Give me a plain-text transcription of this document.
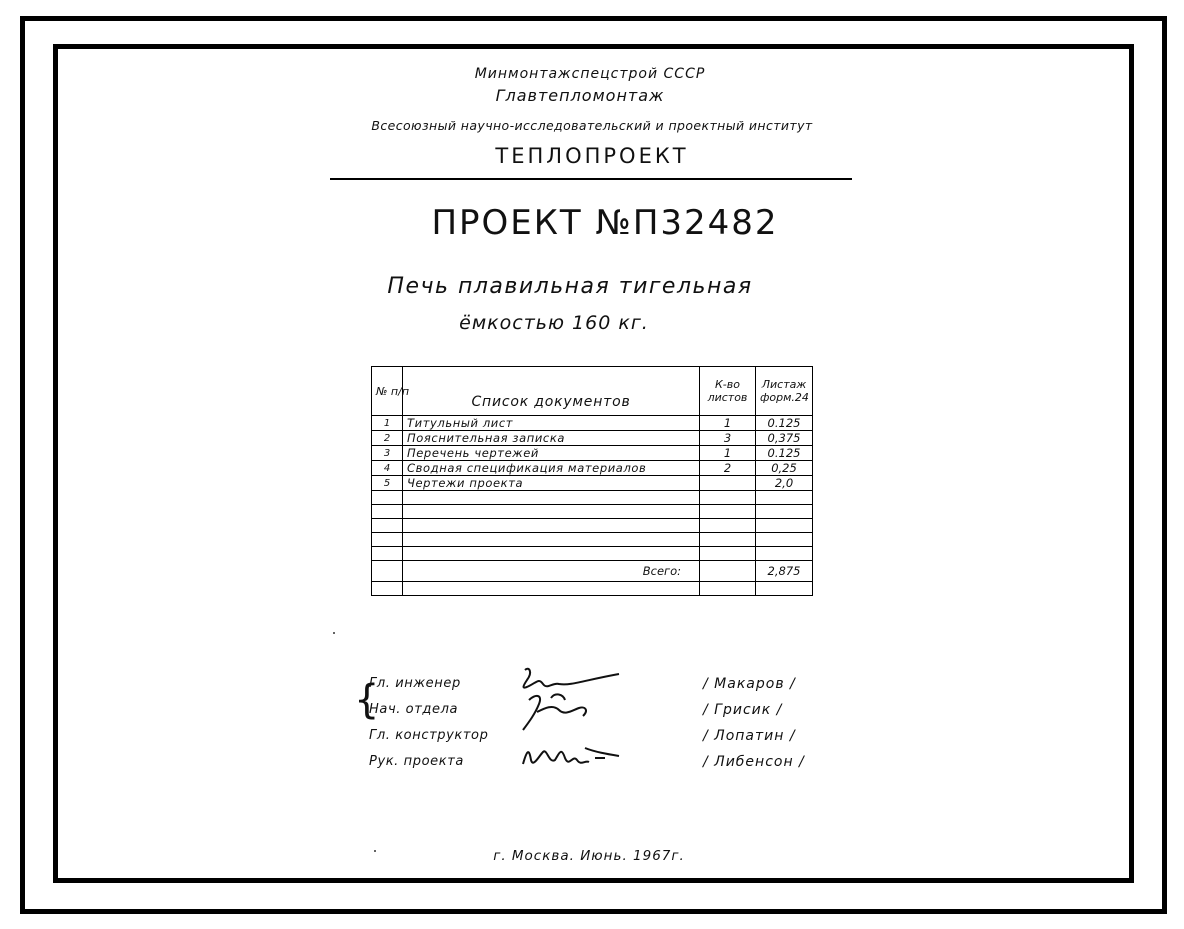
Минмонтажспецстрой СССР
Главтепломонтаж
Всесоюзный научно-исследовательский и проектный институт
ТЕПЛОПРОЕКТ
ПРОЕКТ №П32482
Печь плавильная тигельная
ёмкостью 160 кг.
№ п/п	Список документов	К-во листов	Листаж форм.24
1	Титульный лист	1	0.125
2	Пояснительная записка	3	0,375
3	Перечень чертежей	1	0.125
4	Сводная спецификация материалов	2	0,25
5	Чертежи проекта		2,0

	Всего:		2,875

{
Гл. инженер	/ Макаров /
Нач. отдела	/ Грисик /
Гл. конструктор	/ Лопатин /
Рук. проекта	/ Либенсон /
г. Москва. Июнь. 1967г.
